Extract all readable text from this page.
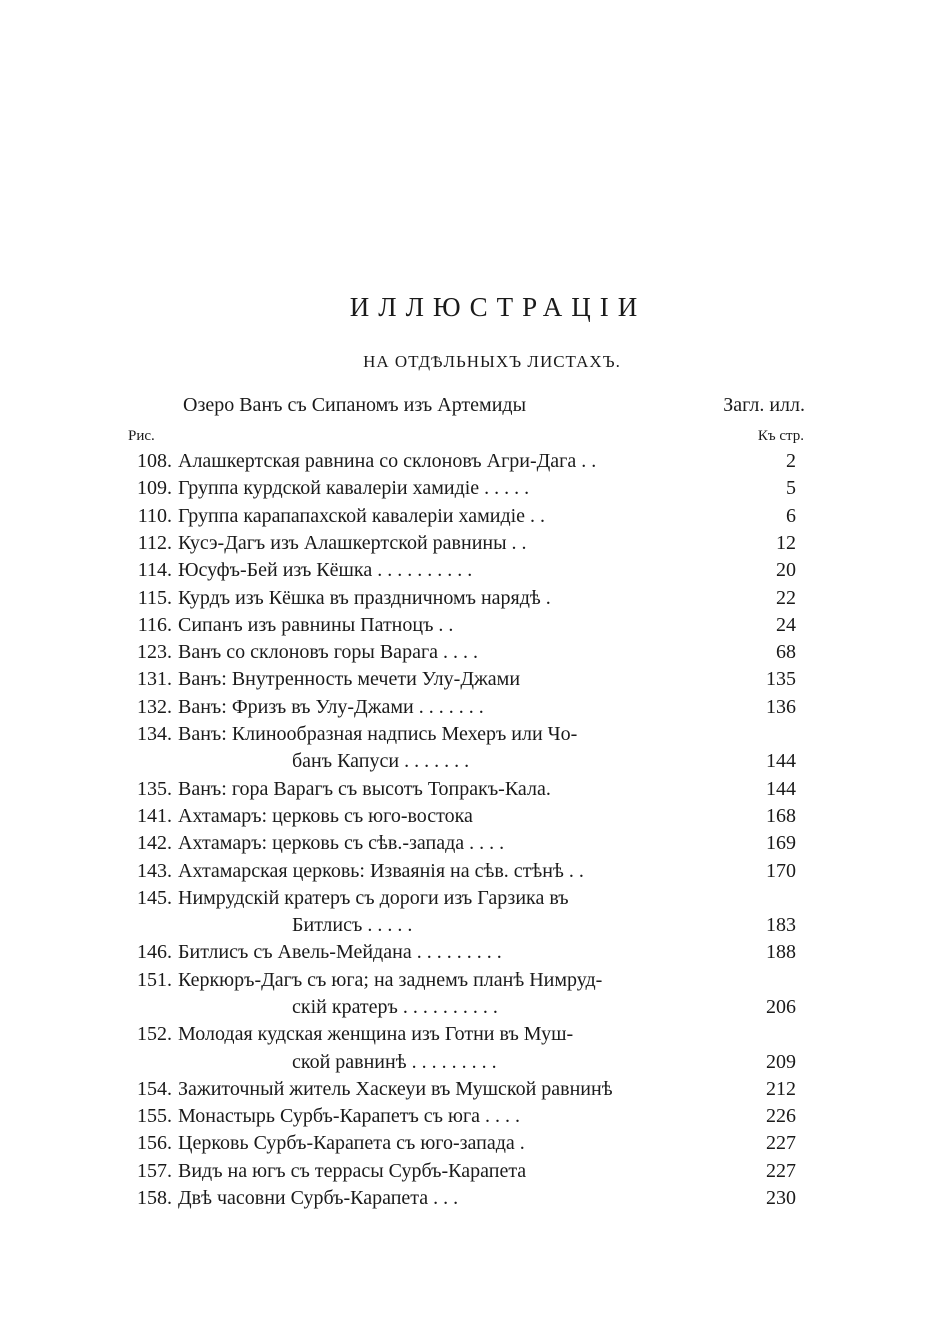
ИЛЛЮСТРАЦІИ
НА ОТДѢЛЬНЫХЪ ЛИСТАХЪ.
Озеро Ванъ съ Сипаномъ изъ Артемиды	Загл. илл.
Рис.	Къ стр.
108. Алашкертская равнина со склоновъ Агри-Дага . .	2
109. Группа курдской кавалеріи хамидіе . . . . .	5
110. Группа карапапахской кавалеріи хамидіе . .	6
112. Кусэ-Дагъ изъ Алашкертской равнины . .	12
114. Юсуфъ-Бей изъ Кёшка . . . . . . . . . .	20
115. Курдъ изъ Кёшка въ праздничномъ нарядѣ .	22
116. Сипанъ изъ равнины Патноцъ . .	24
123. Ванъ со склоновъ горы Варага . . . .	68
131. Ванъ: Внутренность мечети Улу-Джами	135
132. Ванъ: Фризъ въ Улу-Джами . . . . . . .	136
134. Ванъ: Клинообразная надпись Мехеръ или Чо-
банъ Капуси . . . . . . .	144
135. Ванъ: гора Варагъ съ высотъ Топракъ-Кала.	144
141. Ахтамаръ: церковь съ юго-востока	168
142. Ахтамаръ: церковь съ сѣв.-запада . . . .	169
143. Ахтамарская церковь: Изваянія на сѣв. стѣнѣ . .	170
145. Нимрудскій кратеръ съ дороги изъ Гарзика въ
Битлисъ . . . . .	183
146. Битлисъ съ Авель-Мейдана . . . . . . . . .	188
151. Керкюръ-Дагъ съ юга; на заднемъ планѣ Нимруд-
скій кратеръ . . . . . . . . . .	206
152. Молодая кудская женщина изъ Готни въ Муш-
ской равнинѣ . . . . . . . . .	209
154. Зажиточный житель Хаскеуи въ Мушской равнинѣ	212
155. Монастырь Сурбъ-Карапетъ съ юга . . . .	226
156. Церковь Сурбъ-Карапета съ юго-запада .	227
157. Видъ на югъ съ террасы Сурбъ-Карапета	227
158. Двѣ часовни Сурбъ-Карапета . . .	230
